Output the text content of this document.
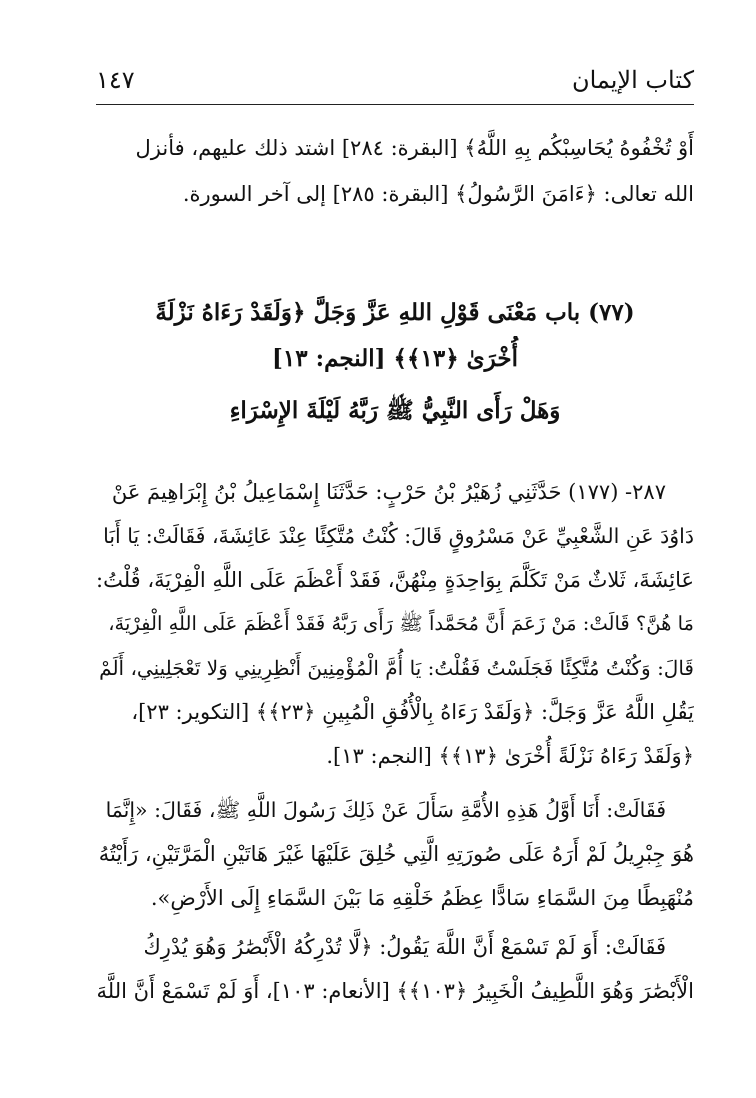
كتاب الإيمان
١٤٧
أَوْ تُخْفُوهُ يُحَاسِبْكُم بِهِ اللَّهُ﴾ [البقرة: ٢٨٤] اشتد ذلك عليهم، فأنزل
الله تعالى: ﴿ءَامَنَ الرَّسُولُ﴾ [البقرة: ٢٨٥] إلى آخر السورة.
(٧٧) باب مَعْنَى قَوْلِ اللهِ عَزَّ وَجَلَّ ﴿وَلَقَدْ رَءَاهُ نَزْلَةً
أُخْرَىٰ ﴿١٣﴾﴾ [النجم: ١٣]
وَهَلْ رَأَى النَّبِيُّ ﷺ رَبَّهُ لَيْلَةَ الإِسْرَاءِ
٢٨٧- (١٧٧) حَدَّثَنِي زُهَيْرُ بْنُ حَرْبٍ: حَدَّثَنَا إِسْمَاعِيلُ بْنُ إِبْرَاهِيمَ عَنْ
دَاوُدَ عَنِ الشَّعْبِيِّ عَنْ مَسْرُوقٍ قَالَ: كُنْتُ مُتَّكِئًا عِنْدَ عَائِشَةَ، فَقَالَتْ: يَا أَبَا
عَائِشَةَ، ثَلاثٌ مَنْ تَكَلَّمَ بِوَاحِدَةٍ مِنْهُنَّ، فَقَدْ أَعْظَمَ عَلَى اللَّهِ الْفِرْيَةَ، قُلْتُ:
مَا هُنَّ؟ قَالَتْ: مَنْ زَعَمَ أَنَّ مُحَمَّداً ﷺ رَأَى رَبَّهُ فَقَدْ أَعْظَمَ عَلَى اللَّهِ الْفِرْيَةَ،
قَالَ: وَكُنْتُ مُتَّكِئًا فَجَلَسْتُ فَقُلْتُ: يَا أُمَّ الْمُؤْمِنِينَ أَنْظِرِينِي وَلا تَعْجَلِينِي، أَلَمْ
يَقُلِ اللَّهُ عَزَّ وَجَلَّ: ﴿وَلَقَدْ رَءَاهُ بِالْأُفُقِ الْمُبِينِ ﴿٢٣﴾﴾ [التكوير: ٢٣]،
﴿وَلَقَدْ رَءَاهُ نَزْلَةً أُخْرَىٰ ﴿١٣﴾﴾ [النجم: ١٣].
فَقَالَتْ: أَنَا أَوَّلُ هَذِهِ الأُمَّةِ سَأَلَ عَنْ ذَلِكَ رَسُولَ اللَّهِ ﷺ، فَقَالَ: «إِنَّمَا
هُوَ جِبْرِيلُ لَمْ أَرَهُ عَلَى صُورَتِهِ الَّتِي خُلِقَ عَلَيْهَا غَيْرَ هَاتَيْنِ الْمَرَّتَيْنِ، رَأَيْتُهُ
مُنْهَبِطًا مِنَ السَّمَاءِ سَادًّا عِظَمُ خَلْقِهِ مَا بَيْنَ السَّمَاءِ إِلَى الأَرْضِ».
فَقَالَتْ: أَوَ لَمْ تَسْمَعْ أَنَّ اللَّهَ يَقُولُ: ﴿لَّا تُدْرِكُهُ الْأَبْصَٰرُ وَهُوَ يُدْرِكُ
الْأَبْصَٰرَ وَهُوَ اللَّطِيفُ الْخَبِيرُ ﴿١٠٣﴾﴾ [الأنعام: ١٠٣]، أَوَ لَمْ تَسْمَعْ أَنَّ اللَّهَ
